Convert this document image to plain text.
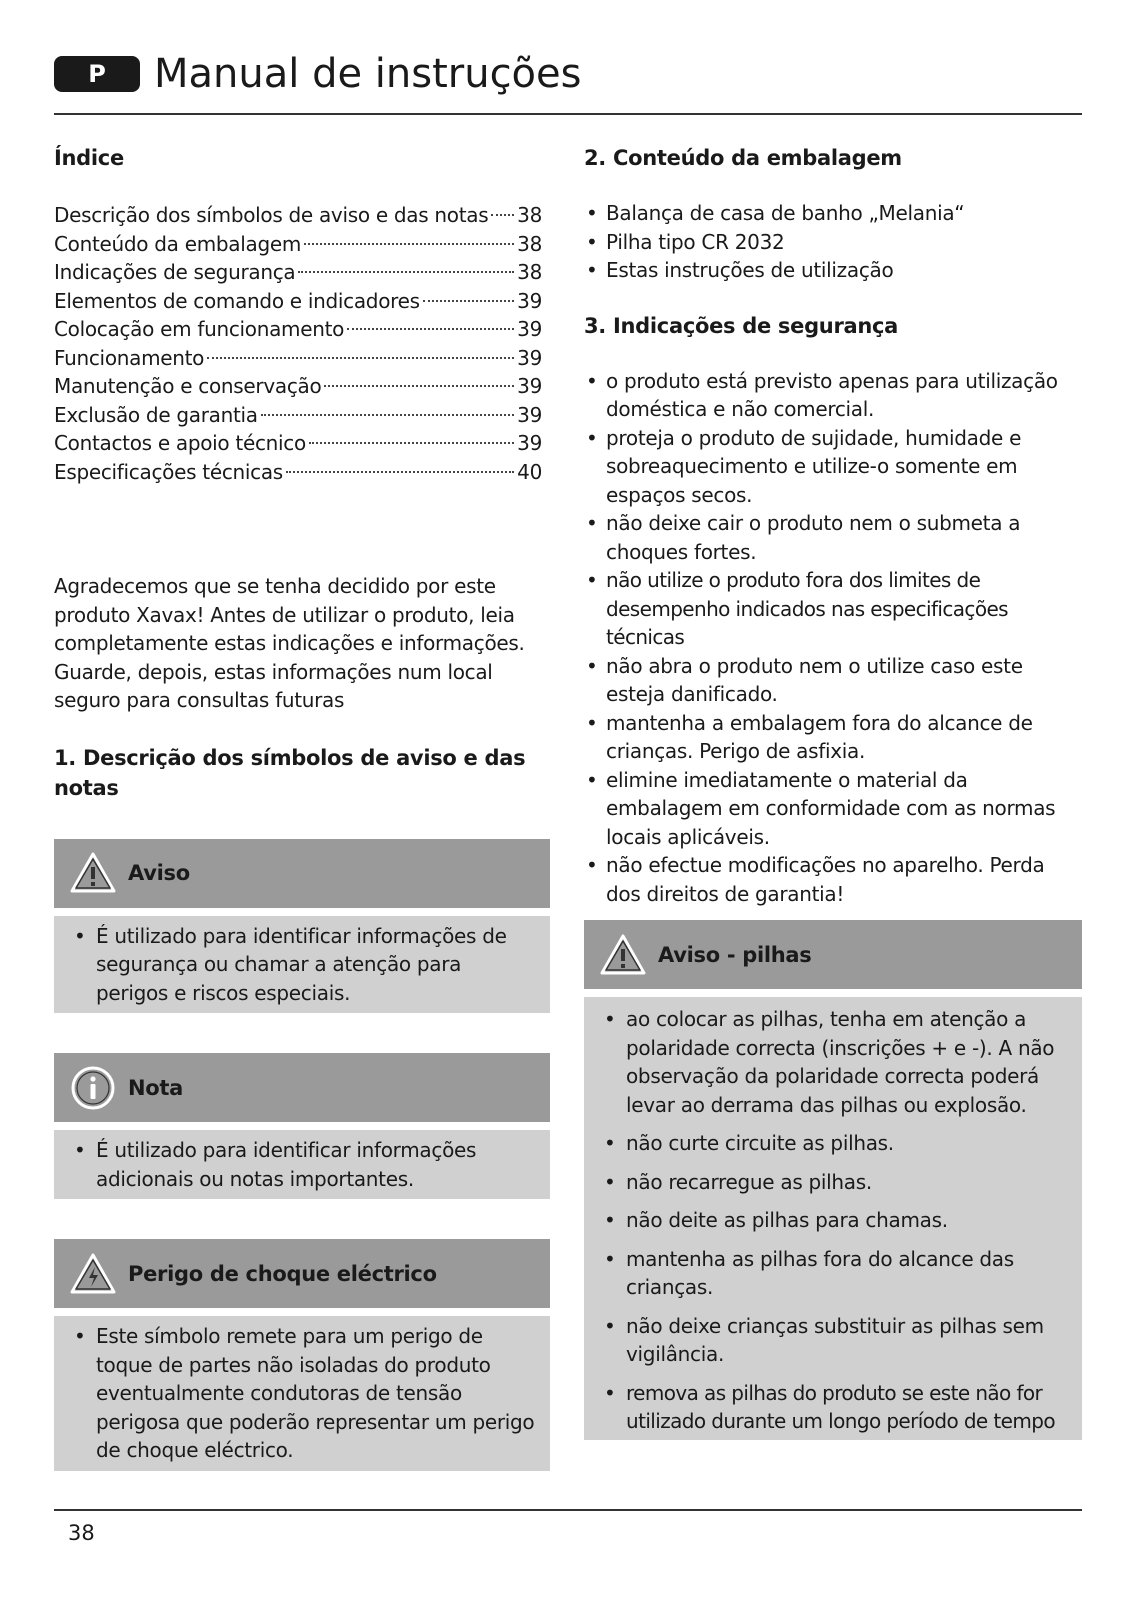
P	Manual de instruções
Índice
Descrição dos símbolos de aviso e das notas 38
Conteúdo da embalagem	38
Indicações de segurança	38
Elementos de comando e indicadores	39
Colocação em funcionamento	39
Funcionamento	39
Manutenção e conservação	39
Exclusão de garantia	39
Contactos e apoio técnico	39
Especificações técnicas	40
Agradecemos que se tenha decidido por este
produto Xavax! Antes de utilizar o produto, leia
completamente estas indicações e informações.
Guarde, depois, estas informações num local
seguro para consultas futuras
1. Descrição dos símbolos de aviso e das notas
Aviso
• É utilizado para identificar informações de segurança ou chamar a atenção para perigos e riscos especiais.
Nota
• É utilizado para identificar informações adicionais ou notas importantes.
Perigo de choque eléctrico
• Este símbolo remete para um perigo de toque de partes não isoladas do produto eventualmente condutoras de tensão perigosa que poderão representar um perigo de choque eléctrico.
2. Conteúdo da embalagem
• Balança de casa de banho „Melania“
• Pilha tipo CR 2032
• Estas instruções de utilização
3. Indicações de segurança
• o produto está previsto apenas para utilização doméstica e não comercial.
• proteja o produto de sujidade, humidade e sobreaquecimento e utilize-o somente em espaços secos.
• não deixe cair o produto nem o submeta a choques fortes.
• não utilize o produto fora dos limites de desempenho indicados nas especificações técnicas
• não abra o produto nem o utilize caso este esteja danificado.
• mantenha a embalagem fora do alcance de crianças. Perigo de asfixia.
• elimine imediatamente o material da embalagem em conformidade com as normas locais aplicáveis.
• não efectue modificações no aparelho. Perda dos direitos de garantia!
Aviso - pilhas
• ao colocar as pilhas, tenha em atenção a polaridade correcta (inscrições + e -). A não observação da polaridade correcta poderá levar ao derrama das pilhas ou explosão.
• não curte circuite as pilhas.
• não recarregue as pilhas.
• não deite as pilhas para chamas.
• mantenha as pilhas fora do alcance das crianças.
• não deixe crianças substituir as pilhas sem vigilância.
• remova as pilhas do produto se este não for utilizado durante um longo período de tempo
38
